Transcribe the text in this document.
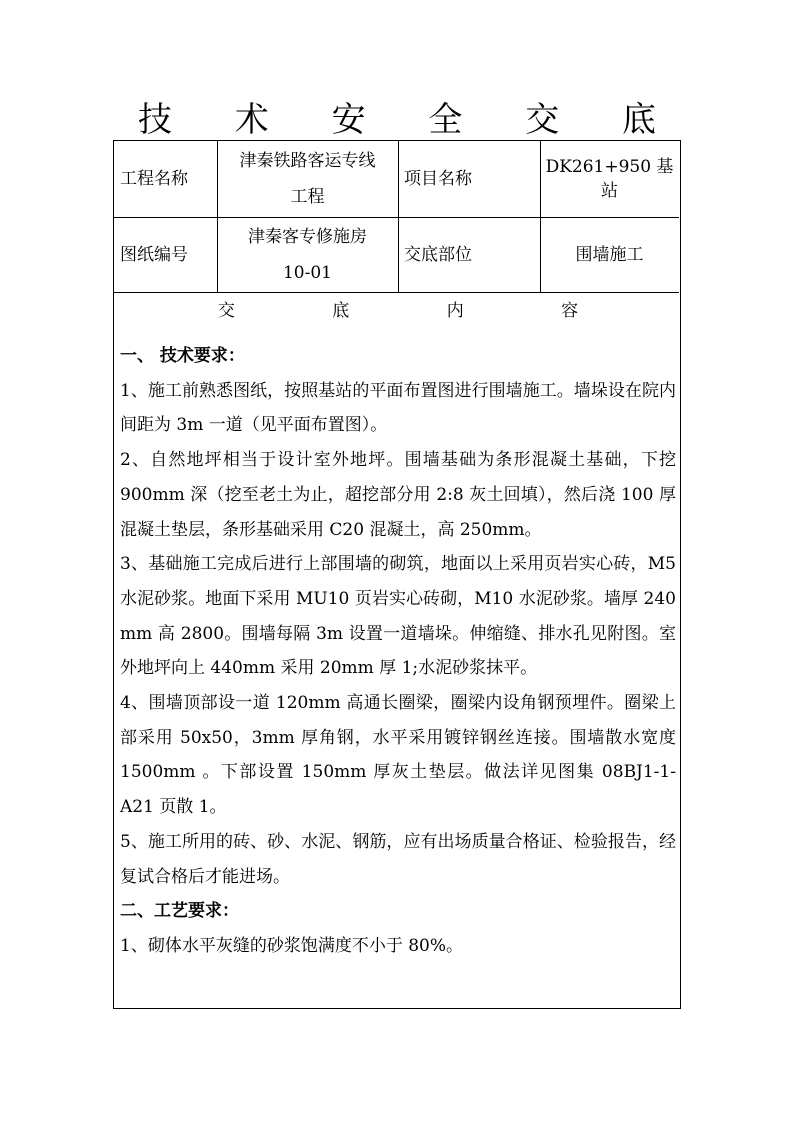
技 术 安 全 交 底
工程名称
津秦铁路客运专线
工程
项目名称
DK261+950 基站
图纸编号
津秦客专修施房
10-01
交底部位	围墙施工
交 底 内 容

一、 技术要求：

1、施工前熟悉图纸，按照基站的平面布置图进行围墙施工。墙垛设在院内间距为 3m 一道（见平面布置图）。

2、自然地坪相当于设计室外地坪。围墙基础为条形混凝土基础，下挖 900mm 深（挖至老土为止，超挖部分用 2:8 灰土回填），然后浇 100 厚混凝土垫层，条形基础采用 C20 混凝土，高 250mm。

3、基础施工完成后进行上部围墙的砌筑，地面以上采用页岩实心砖，M5 水泥砂浆。地面下采用 MU10 页岩实心砖砌，M10 水泥砂浆。墙厚 240 mm 高 2800。围墙每隔 3m 设置一道墙垛。伸缩缝、排水孔见附图。室外地坪向上 440mm 采用 20mm 厚 1;水泥砂浆抹平。

4、围墙顶部设一道 120mm 高通长圈梁，圈梁内设角钢预埋件。圈梁上部采用 50x50，3mm 厚角钢，水平采用镀锌钢丝连接。围墙散水宽度 1500mm 。下部设置 150mm 厚灰土垫层。做法详见图集 08BJ1-1-A21 页散 1。

5、施工所用的砖、砂、水泥、钢筋，应有出场质量合格证、检验报告，经复试合格后才能进场。

二、工艺要求：

1、砌体水平灰缝的砂浆饱满度不小于 80%。
